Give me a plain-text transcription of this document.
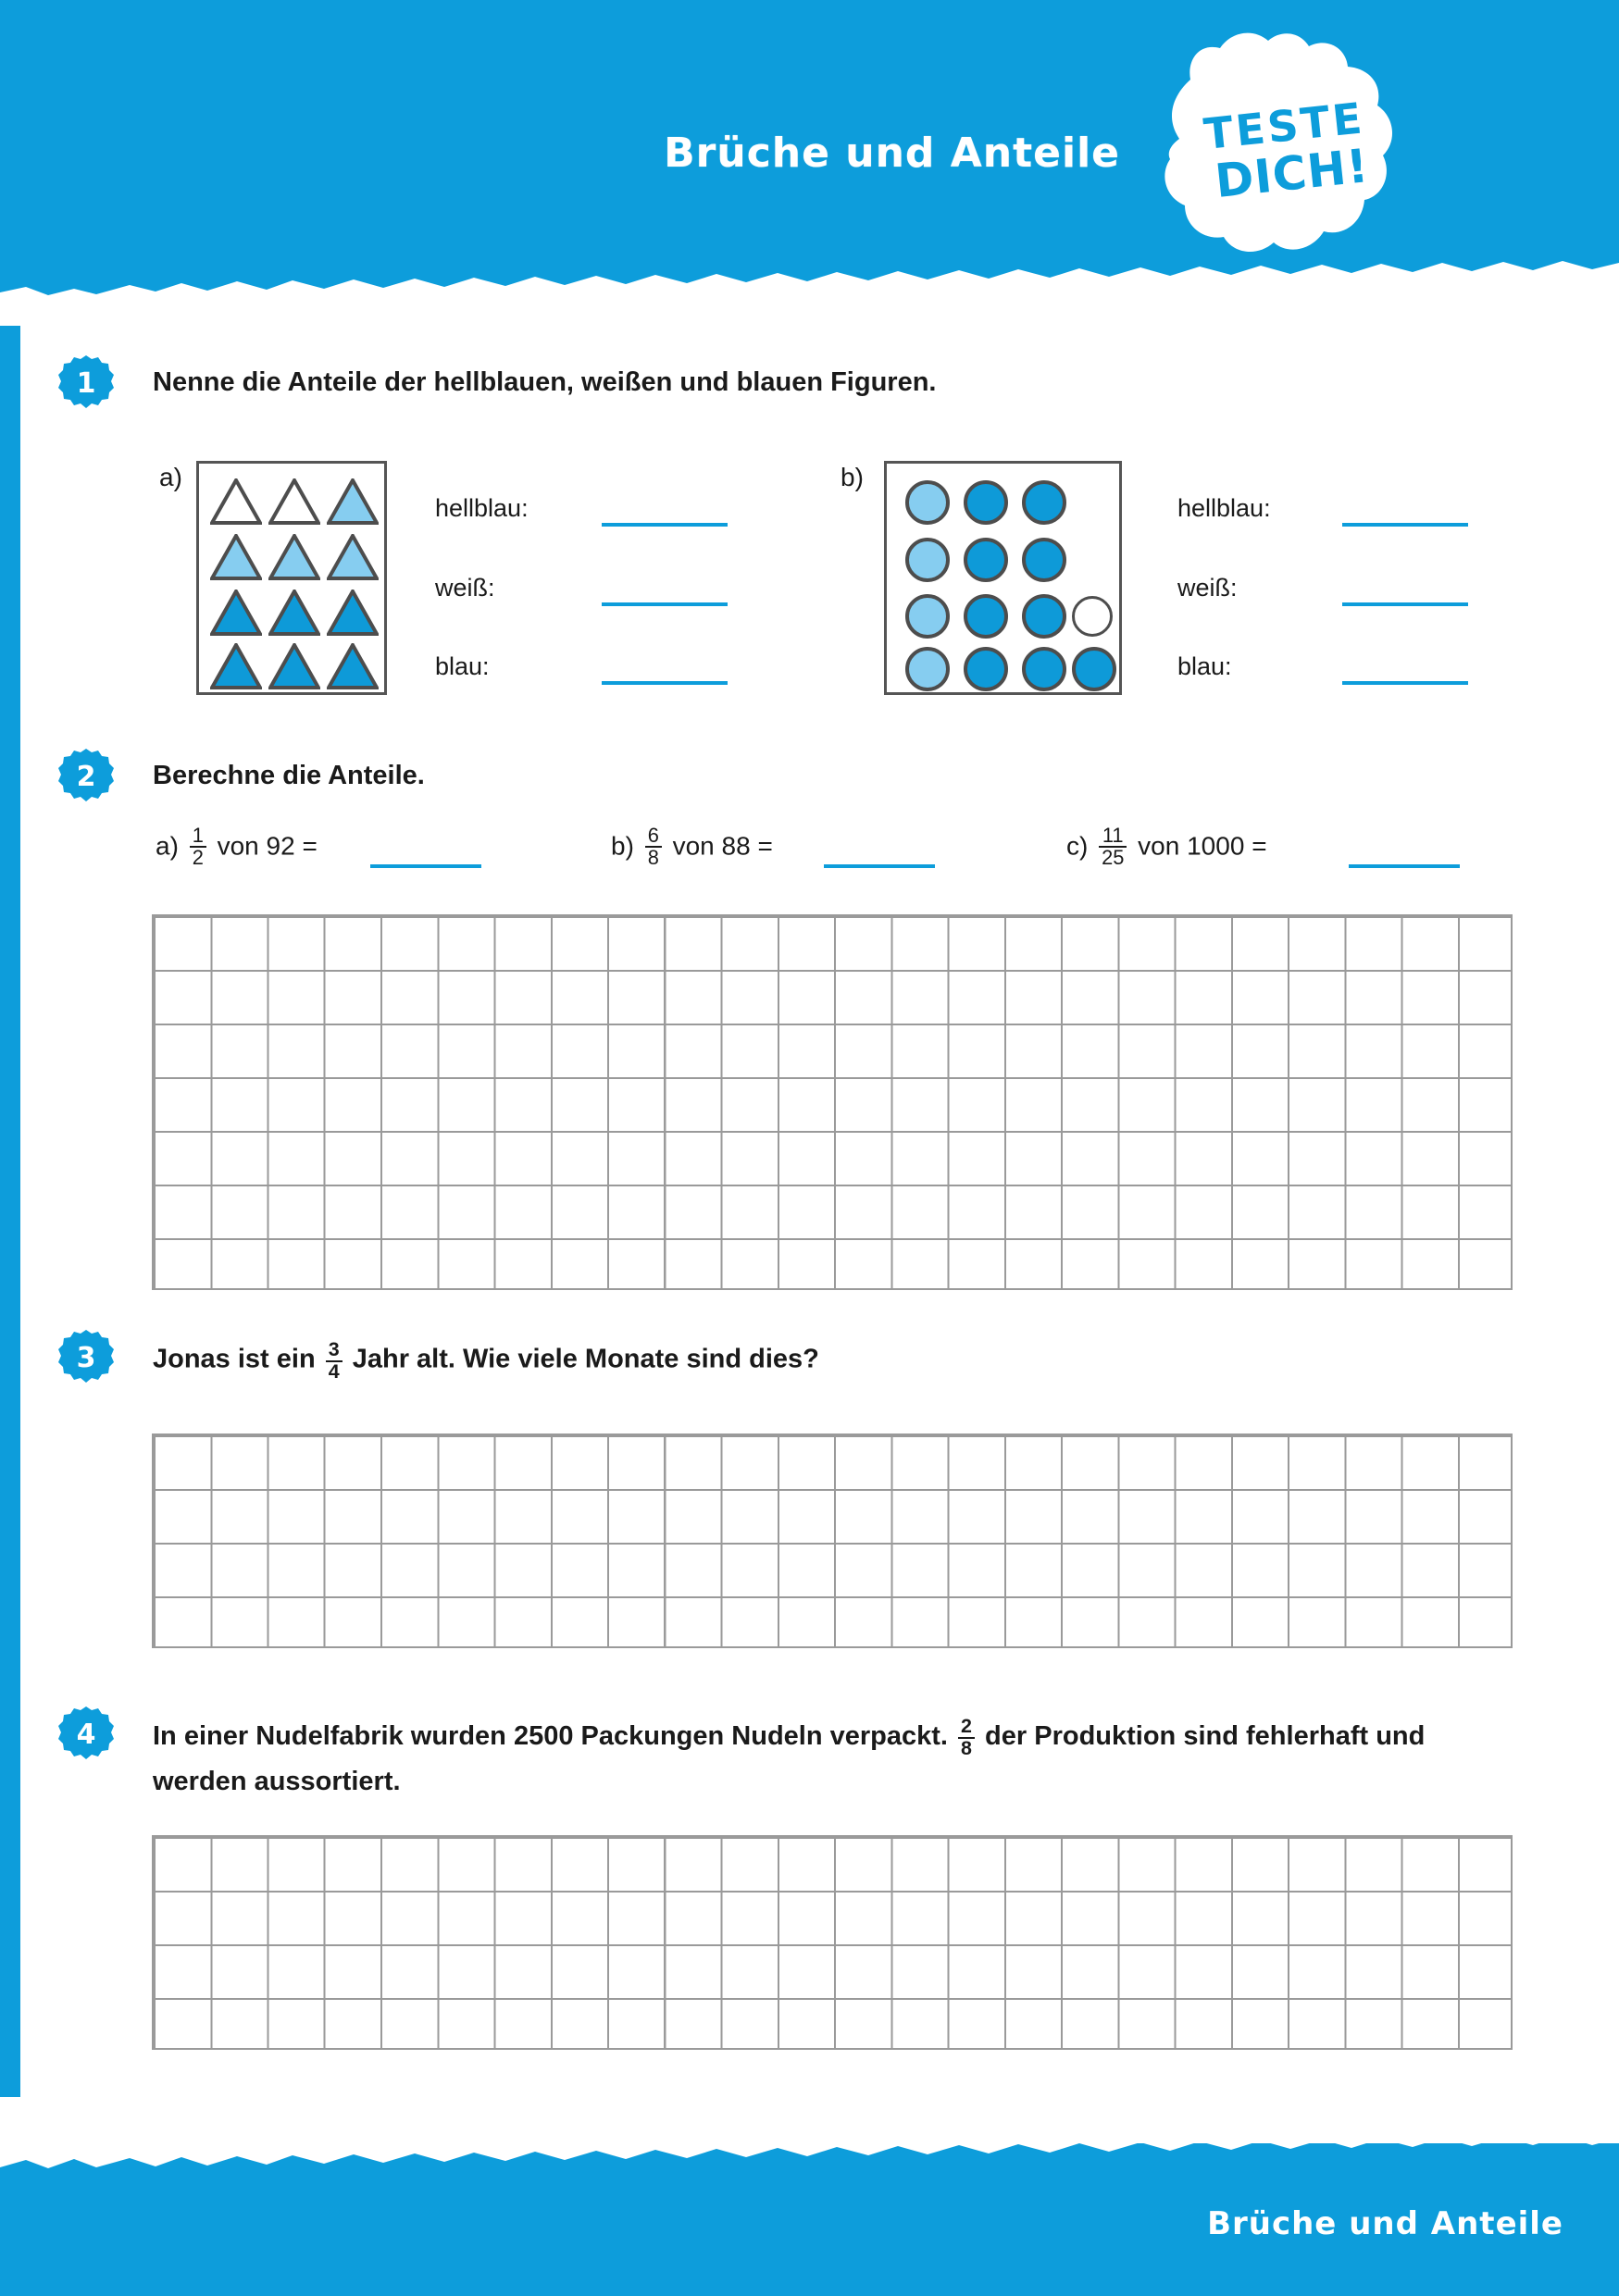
Brüche und Anteile	TESTE
DICH!
1	Nenne die Anteile der hellblauen, weißen und blauen Figuren.
a)
hellblau:
weiß:
blau:
b)
hellblau:
weiß:
blau:
2	Berechne die Anteile.
$a) \frac{1}{2}$ von 92 =	$b) \frac{6}{8}$ von 88 =	$c) \frac{11}{25}$ von 1000 =
3	Jonas ist ein $\frac{3}{4}$ Jahr alt. Wie viele Monate sind dies?
4	In einer Nudelfabrik wurden 2500 Packungen Nudeln verpackt. $\frac{2}{8}$ der Produktion sind fehlerhaft und werden aussortiert.
Brüche und Anteile
